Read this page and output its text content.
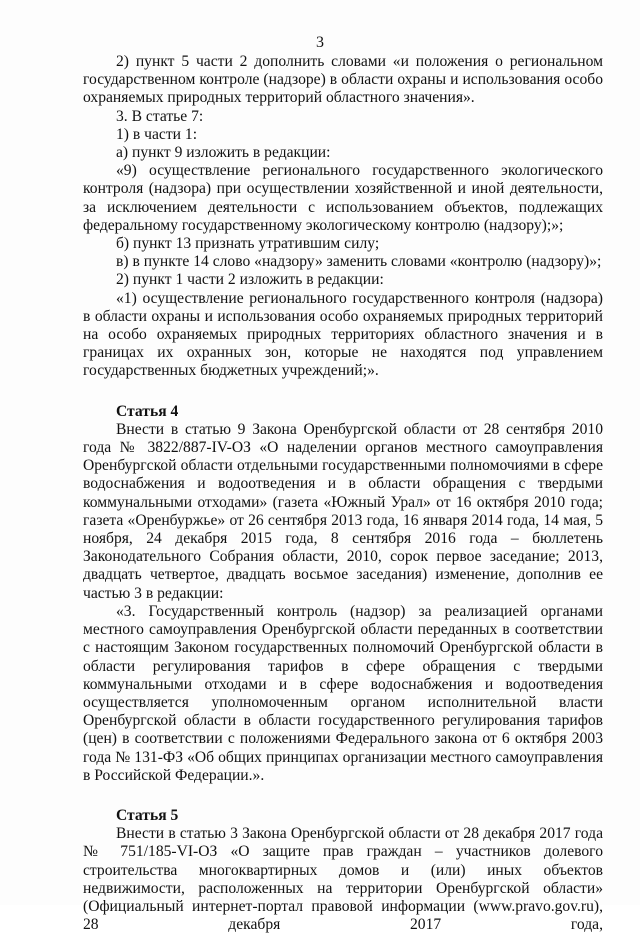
3

2) пункт 5 части 2 дополнить словами «и положения о региональном государственном контроле (надзоре) в области охраны и использования особо охраняемых природных территорий областного значения».

3. В статье 7:

1) в части 1:

а) пункт 9 изложить в редакции:

«9) осуществление регионального государственного экологического контроля (надзора) при осуществлении хозяйственной и иной деятельности, за исключением деятельности с использованием объектов, подлежащих федеральному государственному экологическому контролю (надзору);»;

б) пункт 13 признать утратившим силу;

в) в пункте 14 слово «надзору» заменить словами «контролю (надзору)»;

2) пункт 1 части 2 изложить в редакции:

«1) осуществление регионального государственного контроля (надзора) в области охраны и использования особо охраняемых природных территорий на особо охраняемых природных территориях областного значения и в границах их охранных зон, которые не находятся под управлением государственных бюджетных учреждений;».

Статья 4

Внести в статью 9 Закона Оренбургской области от 28 сентября 2010 года № 3822/887-IV-ОЗ «О наделении органов местного самоуправления Оренбургской области отдельными государственными полномочиями в сфере водоснабжения и водоотведения и в области обращения с твердыми коммунальными отходами» (газета «Южный Урал» от 16 октября 2010 года; газета «Оренбуржье» от 26 сентября 2013 года, 16 января 2014 года, 14 мая, 5 ноября, 24 декабря 2015 года, 8 сентября 2016 года – бюллетень Законодательного Собрания области, 2010, сорок первое заседание; 2013, двадцать четвертое, двадцать восьмое заседания) изменение, дополнив ее частью 3 в редакции:

«3. Государственный контроль (надзор) за реализацией органами местного самоуправления Оренбургской области переданных в соответствии с настоящим Законом государственных полномочий Оренбургской области в области регулирования тарифов в сфере обращения с твердыми коммунальными отходами и в сфере водоснабжения и водоотведения осуществляется уполномоченным органом исполнительной власти Оренбургской области в области государственного регулирования тарифов (цен) в соответствии с положениями Федерального закона от 6 октября 2003 года № 131-ФЗ «Об общих принципах организации местного самоуправления в Российской Федерации.».

Статья 5

Внести в статью 3 Закона Оренбургской области от 28 декабря 2017 года № 751/185-VI-ОЗ «О защите прав граждан – участников долевого строительства многоквартирных домов и (или) иных объектов недвижимости, расположенных на территории Оренбургской области» (Официальный интернет-портал правовой информации (www.pravo.gov.ru), 28 декабря 2017 года,
